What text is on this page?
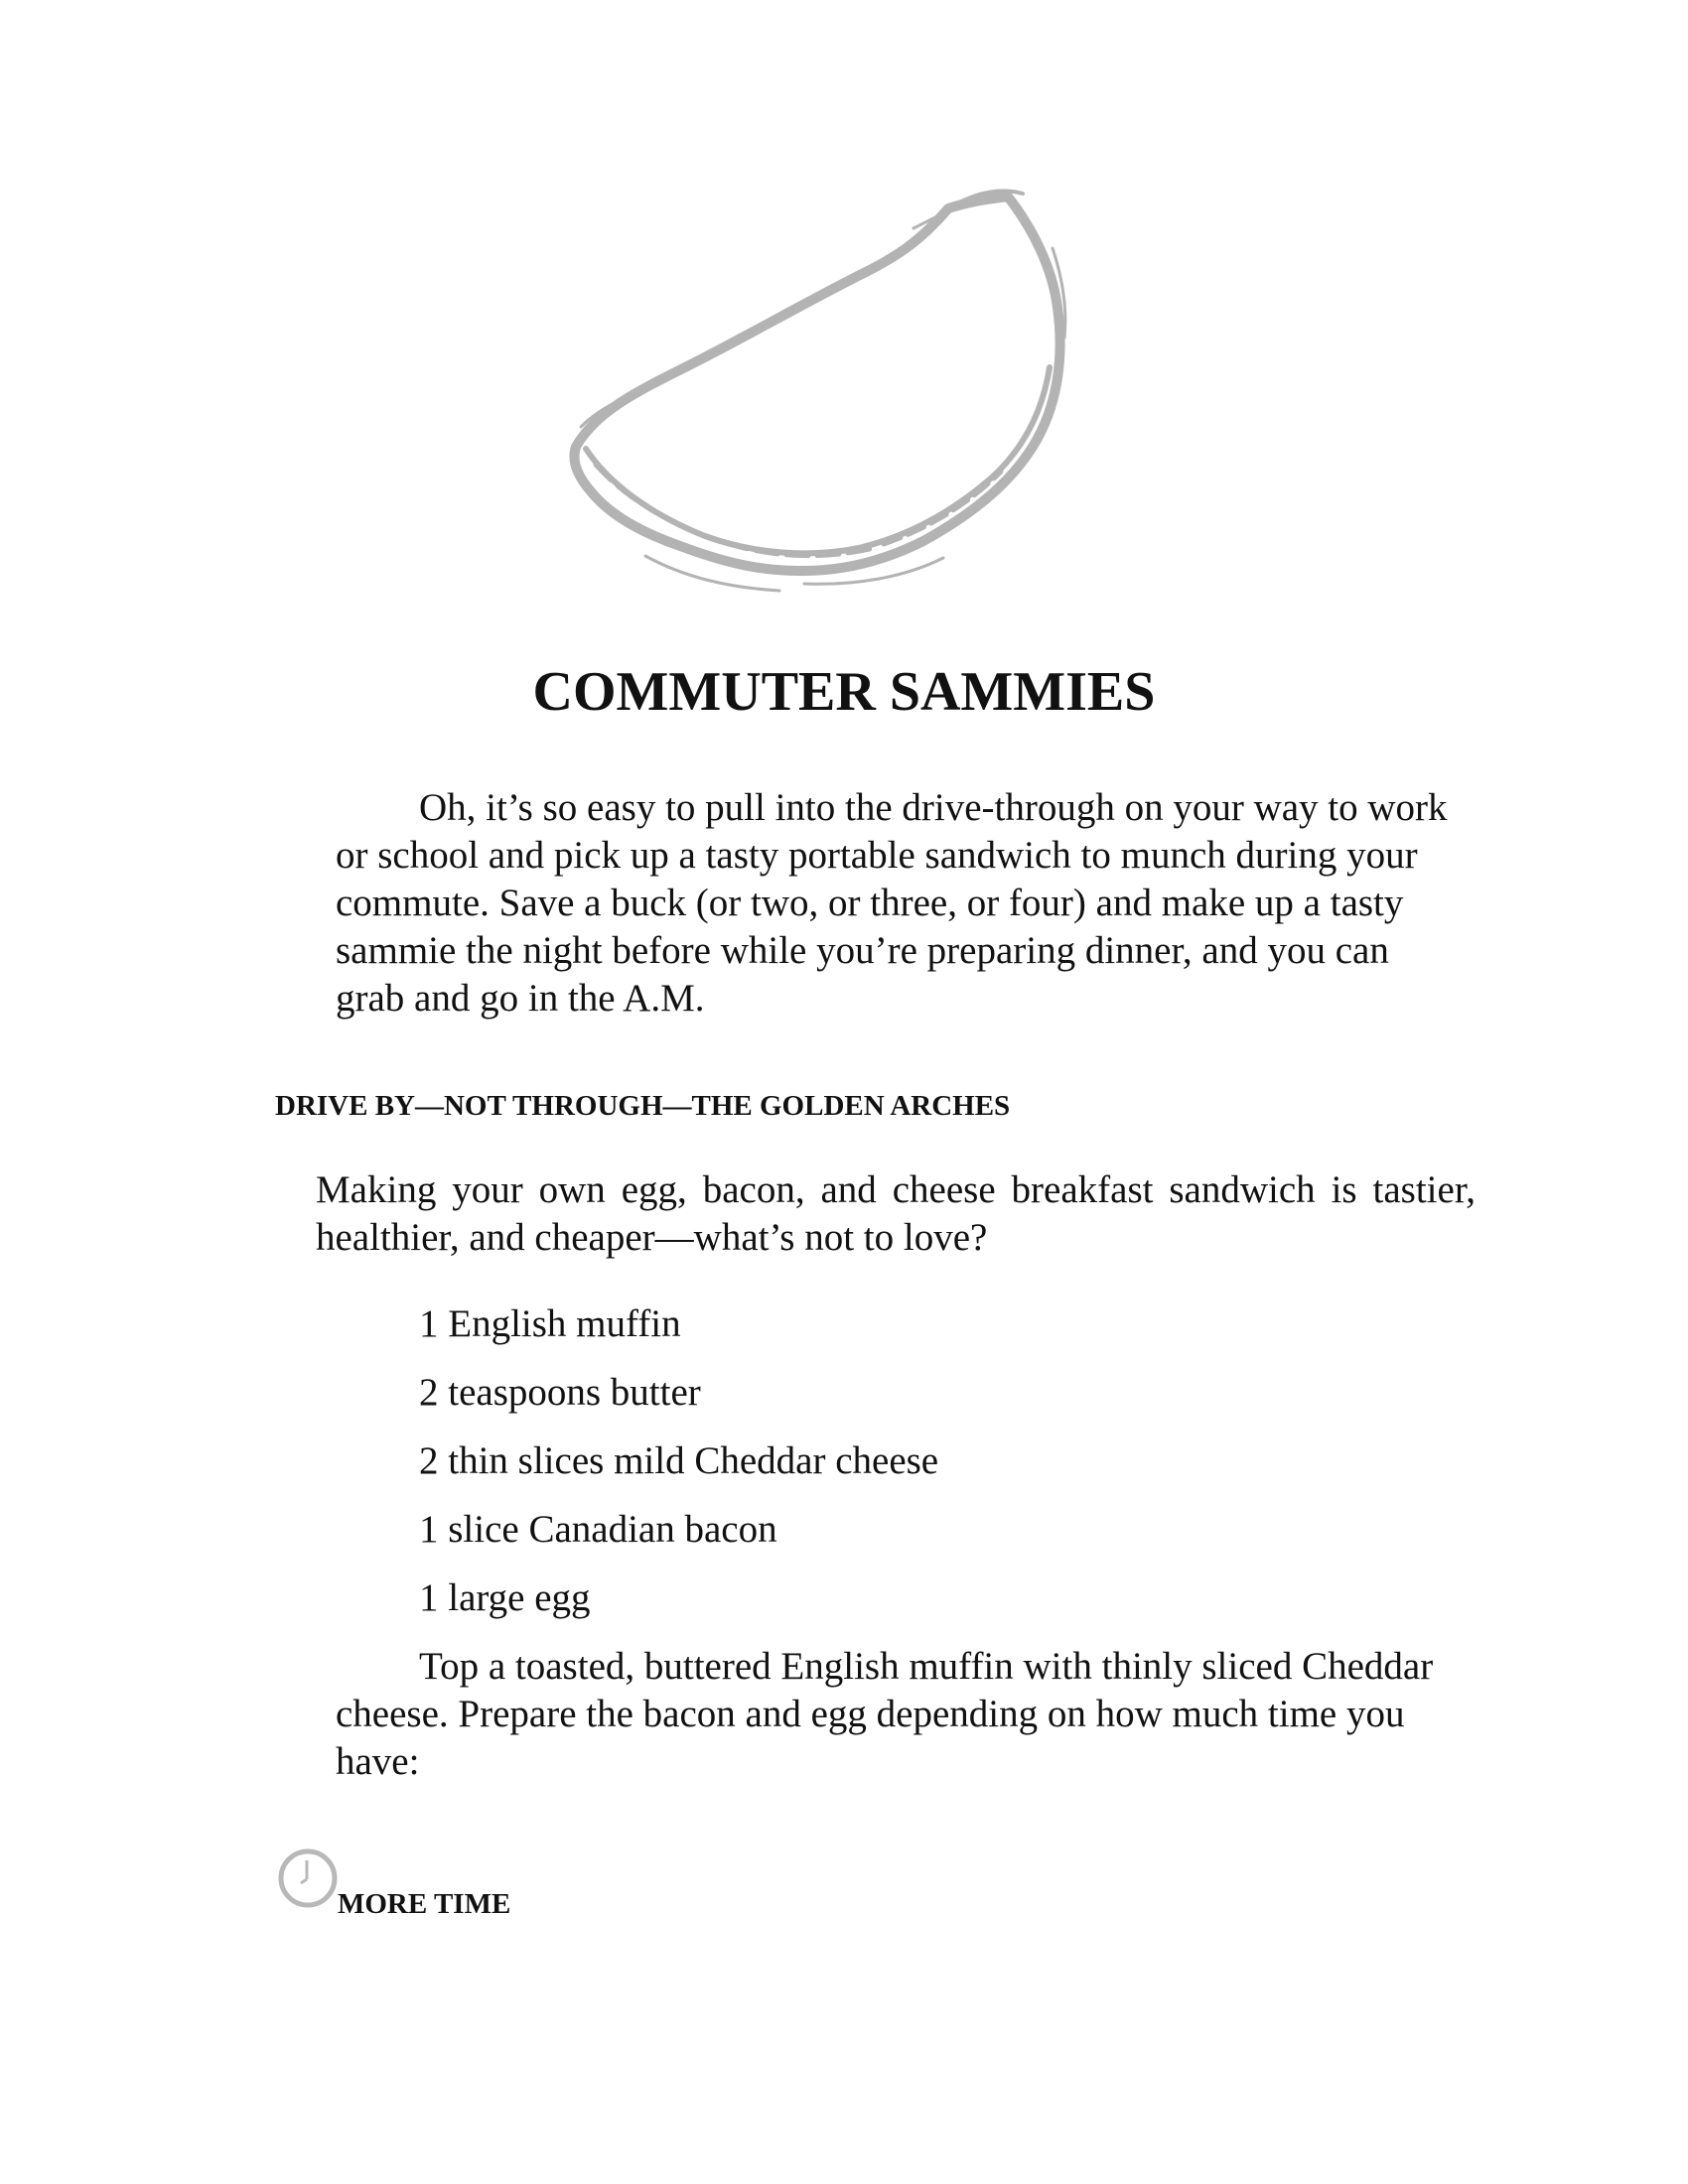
COMMUTER SAMMIES

Oh, it’s so easy to pull into the drive-through on your way to work or school and pick up a tasty portable sandwich to munch during your commute. Save a buck (or two, or three, or four) and make up a tasty sammie the night before while you’re preparing dinner, and you can grab and go in the A.M.

DRIVE BY—NOT THROUGH—THE GOLDEN ARCHES

Making your own egg, bacon, and cheese breakfast sandwich is tastier, healthier, and cheaper—what’s not to love?

1 English muffin
2 teaspoons butter
2 thin slices mild Cheddar cheese
1 slice Canadian bacon
1 large egg

Top a toasted, buttered English muffin with thinly sliced Cheddar cheese. Prepare the bacon and egg depending on how much time you have:

MORE TIME
